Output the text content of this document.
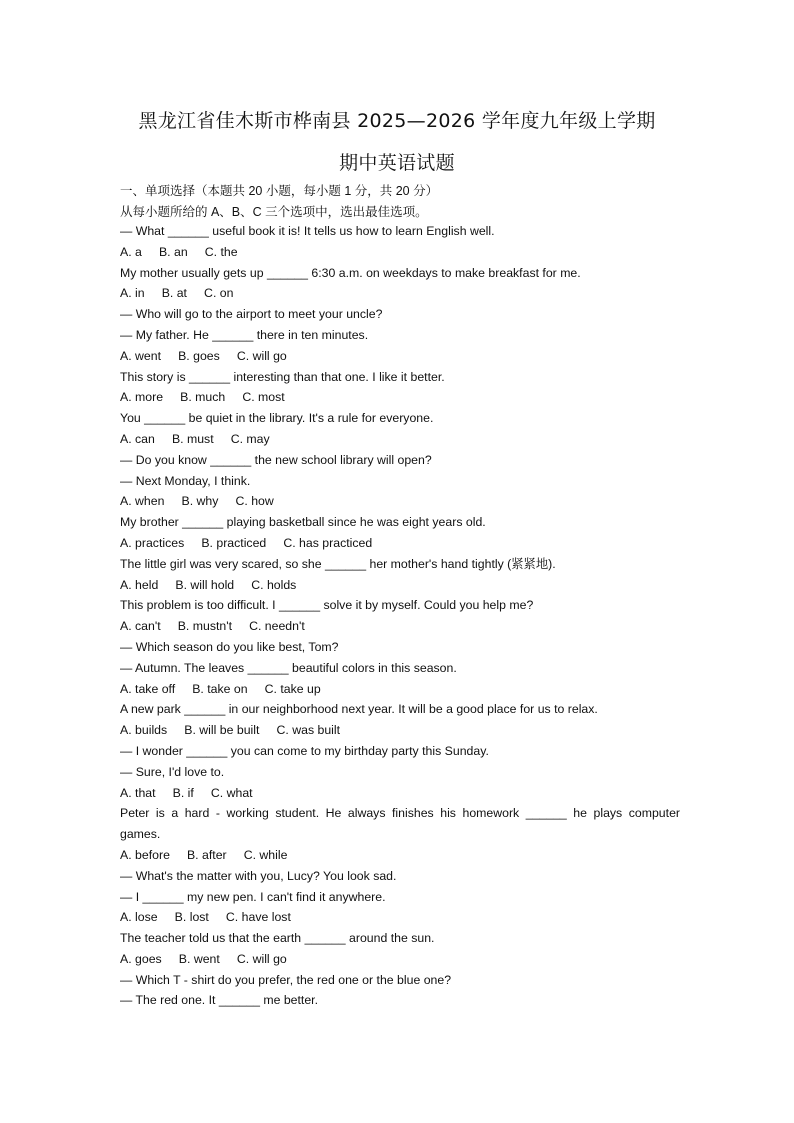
黑龙江省佳木斯市桦南县 2025—2026 学年度九年级上学期
期中英语试题
一、单项选择（本题共 20 小题，每小题 1 分，共 20 分）
从每小题所给的 A、B、C 三个选项中，选出最佳选项。
— What ______ useful book it is! It tells us how to learn English well.
A. a     B. an     C. the
My mother usually gets up ______ 6:30 a.m. on weekdays to make breakfast for me.
A. in     B. at     C. on
— Who will go to the airport to meet your uncle?
— My father. He ______ there in ten minutes.
A. went     B. goes     C. will go
This story is ______ interesting than that one. I like it better.
A. more     B. much     C. most
You ______ be quiet in the library. It's a rule for everyone.
A. can     B. must     C. may
— Do you know ______ the new school library will open?
— Next Monday, I think.
A. when     B. why     C. how
My brother ______ playing basketball since he was eight years old.
A. practices     B. practiced     C. has practiced
The little girl was very scared, so she ______ her mother's hand tightly (紧紧地).
A. held     B. will hold     C. holds
This problem is too difficult. I ______ solve it by myself. Could you help me?
A. can't     B. mustn't     C. needn't
— Which season do you like best, Tom?
— Autumn. The leaves ______ beautiful colors in this season.
A. take off     B. take on     C. take up
A new park ______ in our neighborhood next year. It will be a good place for us to relax.
A. builds     B. will be built     C. was built
— I wonder ______ you can come to my birthday party this Sunday.
— Sure, I'd love to.
A. that     B. if     C. what
Peter is a hard - working student. He always finishes his homework ______ he plays computer
games.
A. before     B. after     C. while
— What's the matter with you, Lucy? You look sad.
— I ______ my new pen. I can't find it anywhere.
A. lose     B. lost     C. have lost
The teacher told us that the earth ______ around the sun.
A. goes     B. went     C. will go
— Which T - shirt do you prefer, the red one or the blue one?
— The red one. It ______ me better.
